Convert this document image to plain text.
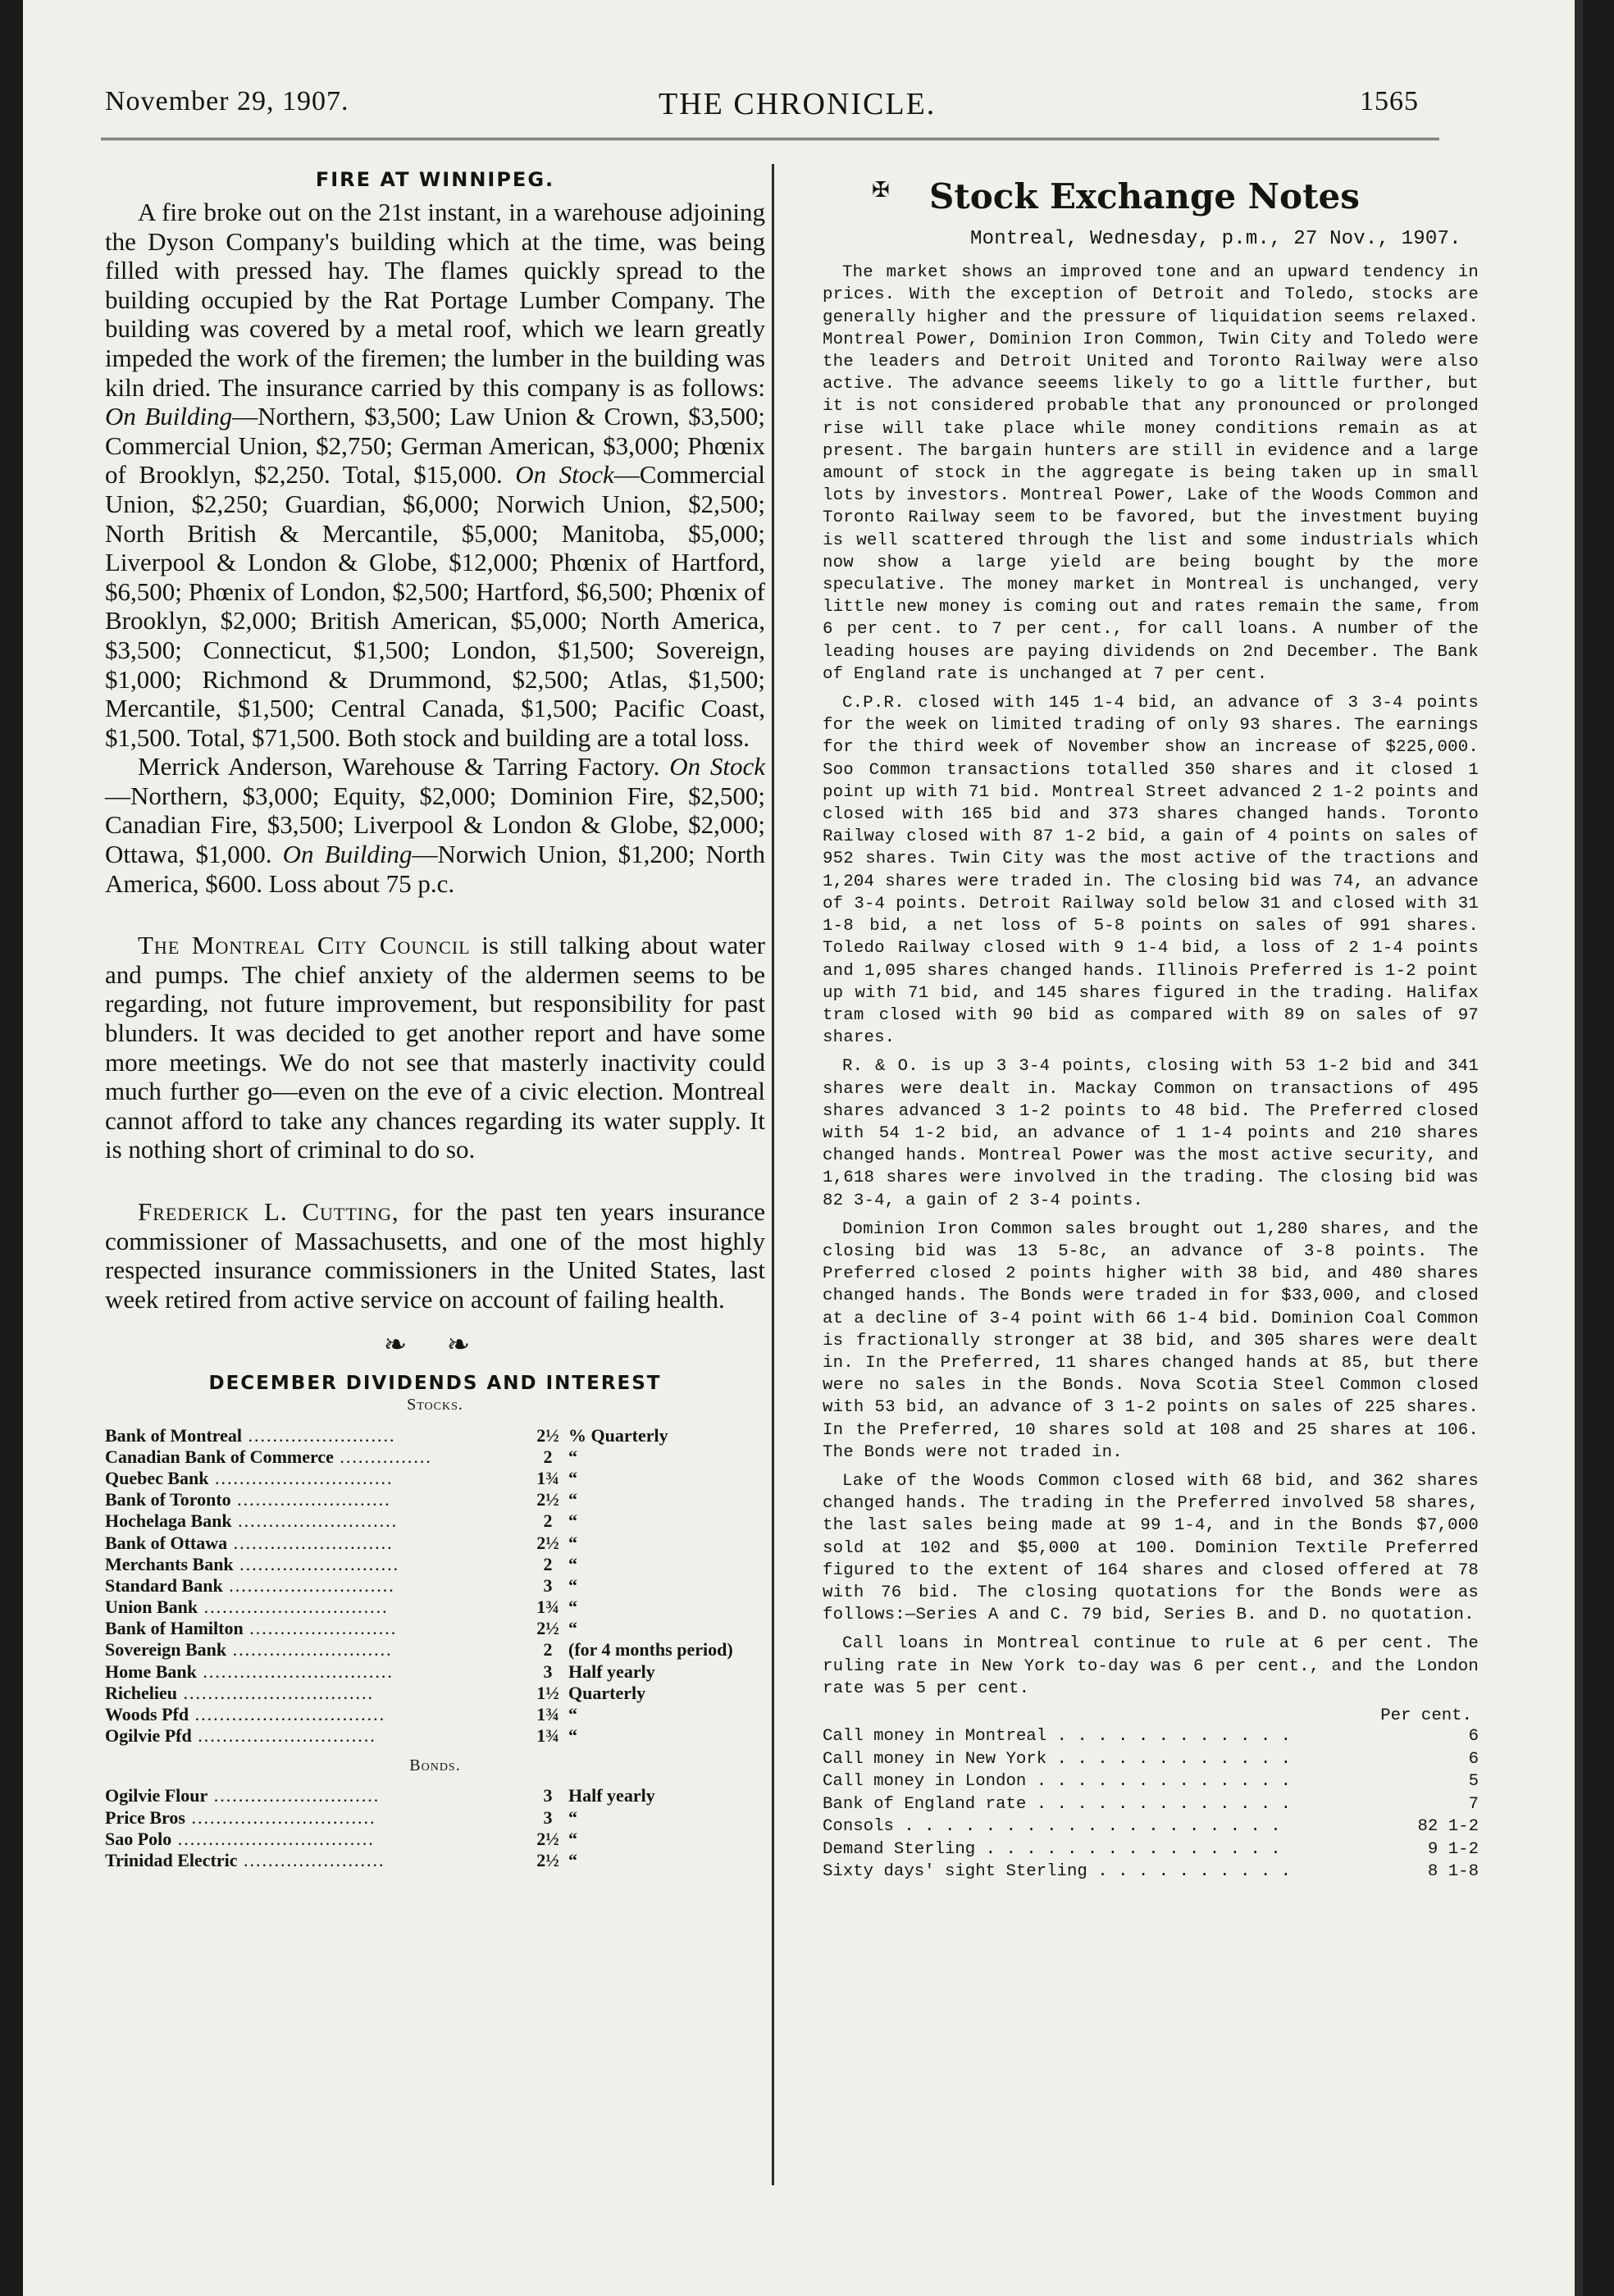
November 29, 1907.	THE CHRONICLE.	1565
FIRE AT WINNIPEG.

A fire broke out on the 21st instant, in a warehouse adjoining the Dyson Company's building which at the time, was being filled with pressed hay. The flames quickly spread to the building occupied by the Rat Portage Lumber Company. The building was covered by a metal roof, which we learn greatly impeded the work of the firemen; the lumber in the building was kiln dried. The insurance carried by this company is as follows: On Building—Northern, $3,500; Law Union & Crown, $3,500; Commercial Union, $2,750; German American, $3,000; Phœnix of Brooklyn, $2,250. Total, $15,000. On Stock—Commercial Union, $2,250; Guardian, $6,000; Norwich Union, $2,500; North British & Mercantile, $5,000; Manitoba, $5,000; Liverpool & London & Globe, $12,000; Phœnix of Hartford, $6,500; Phœnix of London, $2,500; Hartford, $6,500; Phœnix of Brooklyn, $2,000; British American, $5,000; North America, $3,500; Connecticut, $1,500; London, $1,500; Sovereign, $1,000; Richmond & Drummond, $2,500; Atlas, $1,500; Mercantile, $1,500; Central Canada, $1,500; Pacific Coast, $1,500. Total, $71,500. Both stock and building are a total loss.

Merrick Anderson, Warehouse & Tarring Factory. On Stock—Northern, $3,000; Equity, $2,000; Dominion Fire, $2,500; Canadian Fire, $3,500; Liverpool & London & Globe, $2,000; Ottawa, $1,000. On Building—Norwich Union, $1,200; North America, $600. Loss about 75 p.c.

The Montreal City Council is still talking about water and pumps. The chief anxiety of the aldermen seems to be regarding, not future improvement, but responsibility for past blunders. It was decided to get another report and have some more meetings. We do not see that masterly inactivity could much further go—even on the eve of a civic election. Montreal cannot afford to take any chances regarding its water supply. It is nothing short of criminal to do so.

Frederick L. Cutting, for the past ten years insurance commissioner of Massachusetts, and one of the most highly respected insurance commissioners in the United States, last week retired from active service on account of failing health.

❧ ❧
DECEMBER DIVIDENDS AND INTEREST
Stocks.
Bank of Montreal ........................	2½	% Quarterly
Canadian Bank of Commerce ...............	2	“
Quebec Bank .............................	1¾	“
Bank of Toronto .........................	2½	“
Hochelaga Bank ..........................	2	“
Bank of Ottawa ..........................	2½	“
Merchants Bank ..........................	2	“
Standard Bank ...........................	3	“
Union Bank ..............................	1¾	“
Bank of Hamilton ........................	2½	“
Sovereign Bank ..........................	2	(for 4 months period)
Home Bank ...............................	3	Half yearly
Richelieu ...............................	1½	Quarterly
Woods Pfd ...............................	1¾	“
Ogilvie Pfd .............................	1¾	“
Bonds.
Ogilvie Flour ...........................	3	Half yearly
Price Bros ..............................	3	“
Sao Polo ................................	2½	“
Trinidad Electric .......................	2½	“
✠ Stock Exchange Notes
Montreal, Wednesday, p.m., 27 Nov., 1907.

The market shows an improved tone and an upward tendency in prices. With the exception of Detroit and Toledo, stocks are generally higher and the pressure of liquidation seems relaxed. Montreal Power, Dominion Iron Common, Twin City and Toledo were the leaders and Detroit United and Toronto Railway were also active. The advance seeems likely to go a little further, but it is not considered probable that any pronounced or prolonged rise will take place while money conditions remain as at present. The bargain hunters are still in evidence and a large amount of stock in the aggregate is being taken up in small lots by investors. Montreal Power, Lake of the Woods Common and Toronto Railway seem to be favored, but the investment buying is well scattered through the list and some industrials which now show a large yield are being bought by the more speculative. The money market in Montreal is unchanged, very little new money is coming out and rates remain the same, from 6 per cent. to 7 per cent., for call loans. A number of the leading houses are paying dividends on 2nd December. The Bank of England rate is unchanged at 7 per cent.

C.P.R. closed with 145 1-4 bid, an advance of 3 3-4 points for the week on limited trading of only 93 shares. The earnings for the third week of November show an increase of $225,000. Soo Common transactions totalled 350 shares and it closed 1 point up with 71 bid. Montreal Street advanced 2 1-2 points and closed with 165 bid and 373 shares changed hands. Toronto Railway closed with 87 1-2 bid, a gain of 4 points on sales of 952 shares. Twin City was the most active of the tractions and 1,204 shares were traded in. The closing bid was 74, an advance of 3-4 points. Detroit Railway sold below 31 and closed with 31 1-8 bid, a net loss of 5-8 points on sales of 991 shares. Toledo Railway closed with 9 1-4 bid, a loss of 2 1-4 points and 1,095 shares changed hands. Illinois Preferred is 1-2 point up with 71 bid, and 145 shares figured in the trading. Halifax tram closed with 90 bid as compared with 89 on sales of 97 shares.

R. & O. is up 3 3-4 points, closing with 53 1-2 bid and 341 shares were dealt in. Mackay Common on transactions of 495 shares advanced 3 1-2 points to 48 bid. The Preferred closed with 54 1-2 bid, an advance of 1 1-4 points and 210 shares changed hands. Montreal Power was the most active security, and 1,618 shares were involved in the trading. The closing bid was 82 3-4, a gain of 2 3-4 points.

Dominion Iron Common sales brought out 1,280 shares, and the closing bid was 13 5-8c, an advance of 3-8 points. The Preferred closed 2 points higher with 38 bid, and 480 shares changed hands. The Bonds were traded in for $33,000, and closed at a decline of 3-4 point with 66 1-4 bid. Dominion Coal Common is fractionally stronger at 38 bid, and 305 shares were dealt in. In the Preferred, 11 shares changed hands at 85, but there were no sales in the Bonds. Nova Scotia Steel Common closed with 53 bid, an advance of 3 1-2 points on sales of 225 shares. In the Preferred, 10 shares sold at 108 and 25 shares at 106. The Bonds were not traded in.

Lake of the Woods Common closed with 68 bid, and 362 shares changed hands. The trading in the Preferred involved 58 shares, the last sales being made at 99 1-4, and in the Bonds $7,000 sold at 102 and $5,000 at 100. Dominion Textile Preferred figured to the extent of 164 shares and closed offered at 78 with 76 bid. The closing quotations for the Bonds were as follows:—Series A and C. 79 bid, Series B. and D. no quotation.

Call loans in Montreal continue to rule at 6 per cent. The ruling rate in New York to-day was 6 per cent., and the London rate was 5 per cent.

Per cent.
Call money in Montreal . . . . . . . . . . . .	6
Call money in New York . . . . . . . . . . . .	6
Call money in London . . . . . . . . . . . . .	5
Bank of England rate . . . . . . . . . . . . .	7
Consols . . . . . . . . . . . . . . . . . . .	82 1-2
Demand Sterling . . . . . . . . . . . . . . .	9 1-2
Sixty days' sight Sterling . . . . . . . . . .	8 1-8
